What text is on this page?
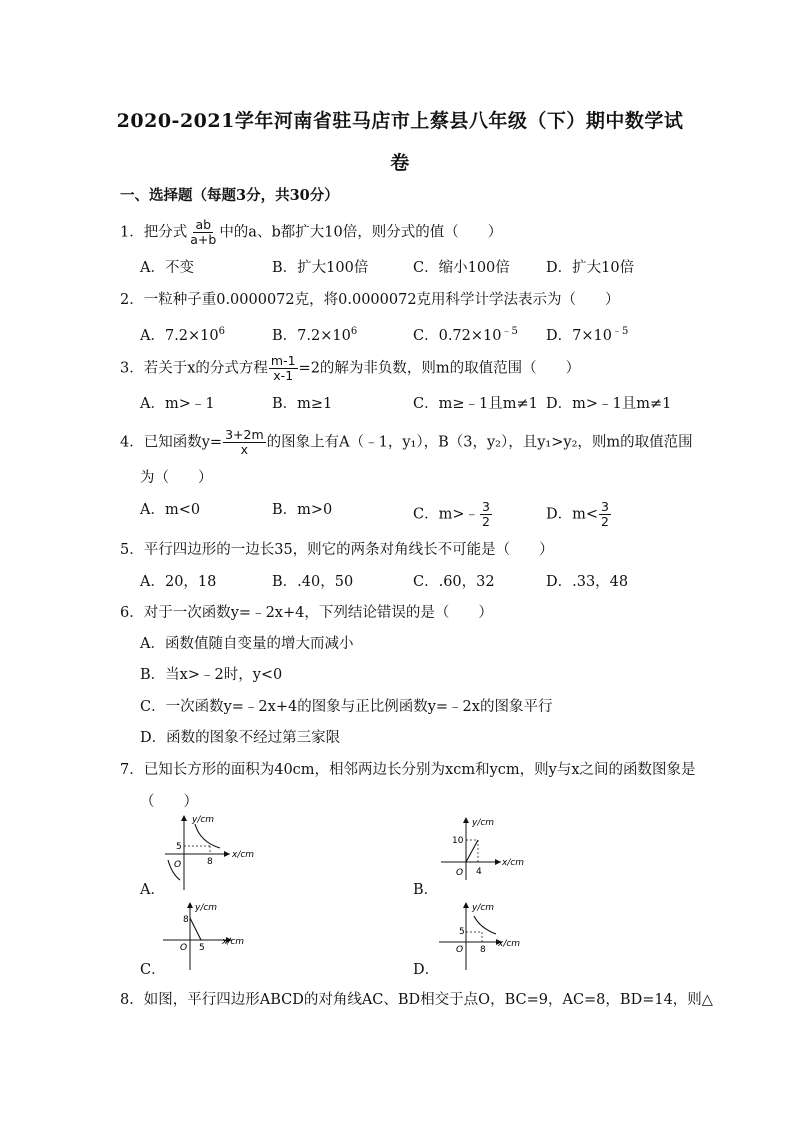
2020-2021学年河南省驻马店市上蔡县八年级（下）期中数学试
卷
一、选择题（每题3分，共30分）
1．把分式 $\frac{ab}{a+b}$ 中的a、b都扩大10倍，则分式的值（　　）
A．不变	B．扩大100倍	C．缩小100倍 D．扩大10倍
2．一粒种子重0.0000072克，将0.0000072克用科学计学法表示为（　　）
A．$7.2\times 10^6$	B．$7.2\times 10^6$	C．$0.72\times 10^{﹣5}$ D．$7\times 10^{﹣5}$
3．若关于x的分式方程 $\frac{m-1}{x-1} =2$的解为非负数，则m的取值范围（　　）
A．m>﹣1	B．m≥1	C．m≥﹣1且m≠1 D．m>﹣1且m≠1
4．已知函数$y= \frac{3+2m}{x}$ 的图象上有A（﹣1，y₁），B（3，y₂），且y₁>y₂，则m的取值范围
为（　　）
A．m<0	B．m>0	C．m>﹣ $\frac{3}{2}$	D．$m< \frac{3}{2}$
5．平行四边形的一边长35，则它的两条对角线长不可能是（　　）
A．20，18	B．.40，50	C．.60，32	D．.33，48
6．对于一次函数y=﹣2x+4，下列结论错误的是（　　）
A．函数值随自变量的增大而减小
B．当x>﹣2时，y<0
C．一次函数y=﹣2x+4的图象与正比例函数y=﹣2x的图象平行
D．函数的图象不经过第三家限
7．已知长方形的面积为40cm，相邻两边长分别为xcm和ycm，则y与x之间的函数图象是
（　　）
A．
y/cm
x/cm
O
5
8
B．
y/cm
x/cm
O
10
4
C．
y/cm
x/cm
O
8
5
D．
y/cm
x/cm
O
5
8
8．如图，平行四边形ABCD的对角线AC、BD相交于点O，BC=9，AC=8，BD=14，则△
